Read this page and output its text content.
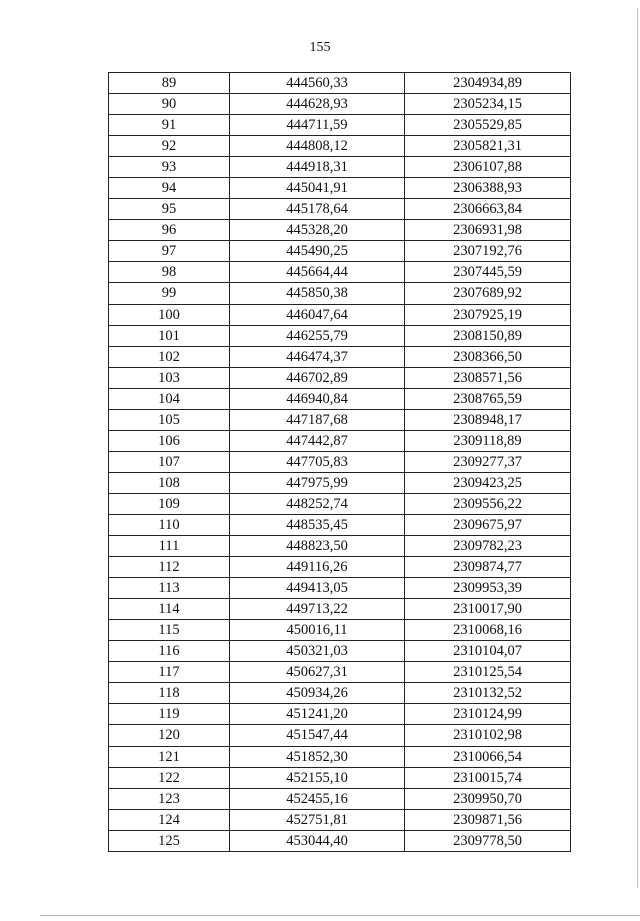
155
89	444560,33	2304934,89
90	444628,93	2305234,15
91	444711,59	2305529,85
92	444808,12	2305821,31
93	444918,31	2306107,88
94	445041,91	2306388,93
95	445178,64	2306663,84
96	445328,20	2306931,98
97	445490,25	2307192,76
98	445664,44	2307445,59
99	445850,38	2307689,92
100	446047,64	2307925,19
101	446255,79	2308150,89
102	446474,37	2308366,50
103	446702,89	2308571,56
104	446940,84	2308765,59
105	447187,68	2308948,17
106	447442,87	2309118,89
107	447705,83	2309277,37
108	447975,99	2309423,25
109	448252,74	2309556,22
110	448535,45	2309675,97
111	448823,50	2309782,23
112	449116,26	2309874,77
113	449413,05	2309953,39
114	449713,22	2310017,90
115	450016,11	2310068,16
116	450321,03	2310104,07
117	450627,31	2310125,54
118	450934,26	2310132,52
119	451241,20	2310124,99
120	451547,44	2310102,98
121	451852,30	2310066,54
122	452155,10	2310015,74
123	452455,16	2309950,70
124	452751,81	2309871,56
125	453044,40	2309778,50
